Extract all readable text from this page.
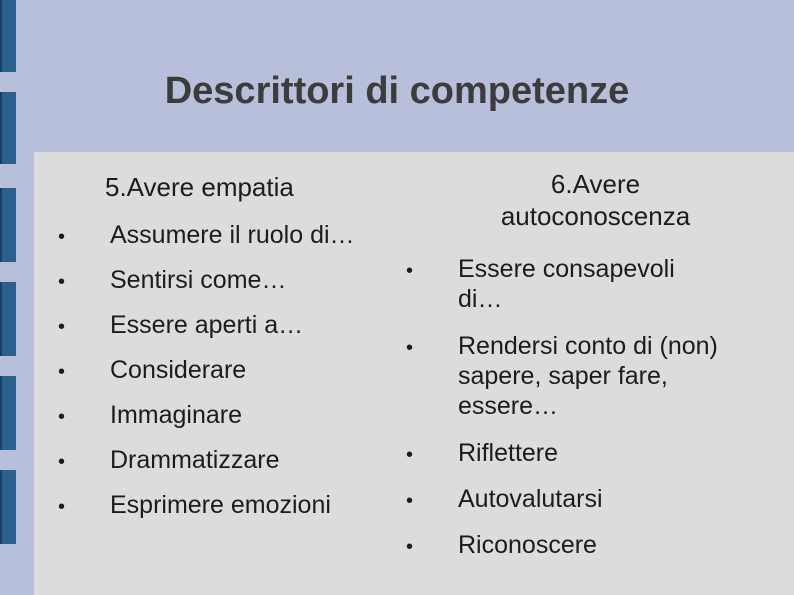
Descrittori di competenze
5.Avere empatia	6.Avere autoconoscenza
• Assumere il ruolo di…
• Sentirsi come…
• Essere aperti a…
• Considerare
• Immaginare
• Drammatizzare
• Esprimere emozioni
• Essere consapevoli di…
• Rendersi conto di (non) sapere, saper fare, essere…
• Riflettere
• Autovalutarsi
• Riconoscere
